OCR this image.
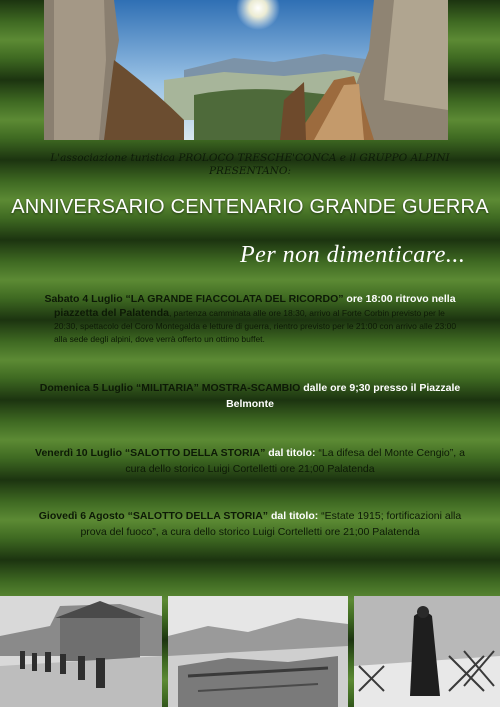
L'associazione turistica PROLOCO TRESCHE'CONCA e il GRUPPO ALPINI
PRESENTANO:
ANNIVERSARIO CENTENARIO GRANDE GUERRA
Per non dimenticare...
Sabato 4 Luglio “LA GRANDE FIACCOLATA DEL RICORDO” ore 18:00 ritrovo nella
piazzetta del Palatenda, partenza camminata alle ore 18:30, arrivo al Forte Corbin previsto per le 20:30, spettacolo del Coro Montegalda e letture di guerra, rientro previsto per le 21:00 con arrivo alle 23:00 alla sede degli alpini, dove verrà offerto un ottimo buffet.
Domenica 5 Luglio “MILITARIA” MOSTRA-SCAMBIO dalle ore 9;30 presso il Piazzale
Belmonte
Venerdì 10 Luglio “SALOTTO DELLA STORIA” dal titolo: “La difesa del Monte Cengio”, a
cura dello storico Luigi Cortelletti ore 21;00 Palatenda
Giovedì 6 Agosto “SALOTTO DELLA STORIA” dal titolo: “Estate 1915; fortificazioni alla
prova del fuoco”, a cura dello storico Luigi Cortelletti ore 21;00 Palatenda
